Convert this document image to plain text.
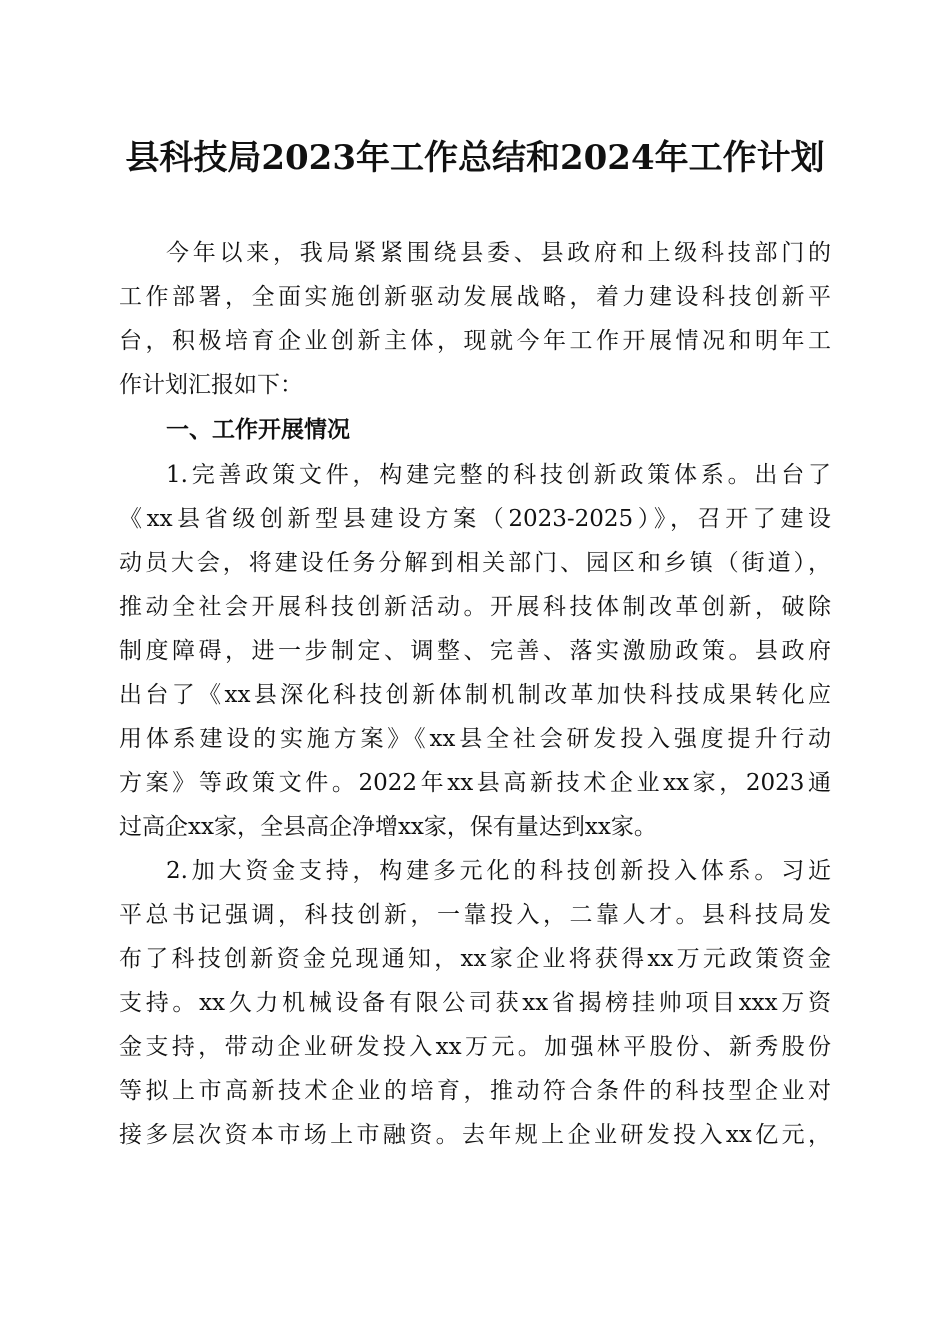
县科技局2023年工作总结和2024年工作计划
今年以来，我局紧紧围绕县委、县政府和上级科技部门的
工作部署，全面实施创新驱动发展战略，着力建设科技创新平
台，积极培育企业创新主体，现就今年工作开展情况和明年工
作计划汇报如下：
一、工作开展情况
1.完善政策文件，构建完整的科技创新政策体系。出台了
《xx县省级创新型县建设方案（2023-2025）》，召开了建设
动员大会，将建设任务分解到相关部门、园区和乡镇（街道），
推动全社会开展科技创新活动。开展科技体制改革创新，破除
制度障碍，进一步制定、调整、完善、落实激励政策。县政府
出台了《xx县深化科技创新体制机制改革加快科技成果转化应
用体系建设的实施方案》《xx县全社会研发投入强度提升行动
方案》等政策文件。2022年xx县高新技术企业xx家，2023通
过高企xx家，全县高企净增xx家，保有量达到xx家。
2.加大资金支持，构建多元化的科技创新投入体系。习近
平总书记强调，科技创新，一靠投入，二靠人才。县科技局发
布了科技创新资金兑现通知，xx家企业将获得xx万元政策资金
支持。xx久力机械设备有限公司获xx省揭榜挂帅项目xxx万资
金支持，带动企业研发投入xx万元。加强林平股份、新秀股份
等拟上市高新技术企业的培育，推动符合条件的科技型企业对
接多层次资本市场上市融资。去年规上企业研发投入xx亿元，
